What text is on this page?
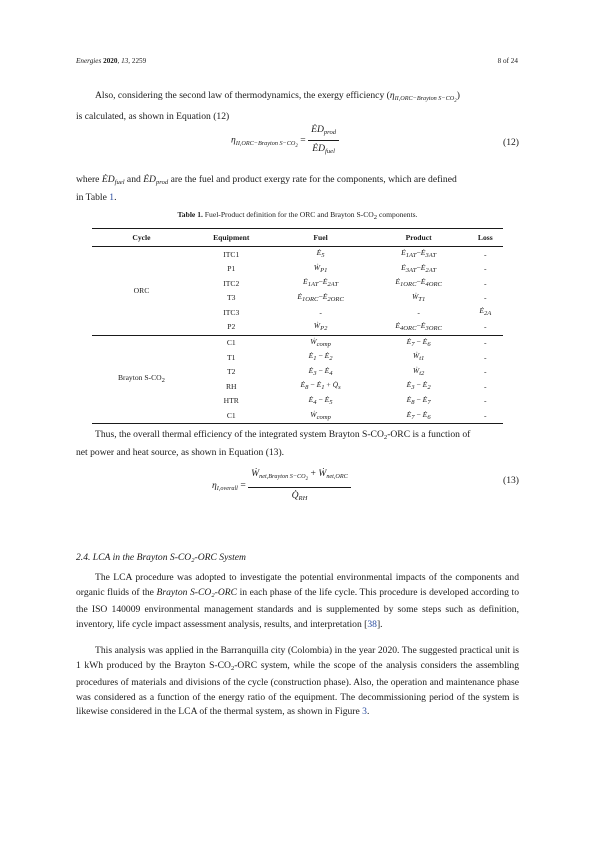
Energies 2020, 13, 2259	8 of 24
Also, considering the second law of thermodynamics, the exergy efficiency $(\eta_{II,ORC-Brayton S-CO_2})$
is calculated, as shown in Equation (12)
$\eta_{II,ORC-Brayton S-CO_2} = \frac{ĖD_{prod}}{ĖD_{fuel}}$	(12)
where $ĖD_{fuel}$ and $ĖD_{prod}$ are the fuel and product exergy rate for the components, which are defined
in Table 1.
Table 1. Fuel-Product definition for the ORC and Brayton $S-CO_2$ components.
Cycle	Equipment	Fuel	Product	Loss
ORC	ITC1	$Ė_5$	$Ė_{1AT}-Ė_{3AT}$	-
	P1	Ẇ$_{P1}$	$Ė_{3AT}-Ė_{2AT}$	-
	ITC2	$Ė_{1AT}-Ė_{2AT}$	$Ė_{1ORC}-Ė_{4ORC}$	-
	T3	$Ė_{1ORC}-Ė_{2ORC}$	Ẇ$_{T1}$	-
	ITC3	-	-	$Ė_{2A}$
	P2	Ẇ$_{P2}$	$Ė_{4ORC}-Ė_{3ORC}$	-
Brayton $S-CO_2$	C1	Ẇ$_{comp}$	$Ė_7$ − $Ė_6$	-
	T1	$Ė_1$ − $Ė_2$	Ẇ$_{t1}$	-
	T2	$Ė_3$ − $Ė_4$	Ẇ$_{t2}$	-
	RH	$Ė_8$ − $Ė_1$ + $Q̇_s$	$Ė_3$ − $Ė_2$	-
	HTR	$Ė_4$ − $Ė_5$	$Ė_8$ − $Ė_7$	-
	C1	Ẇ$_{comp}$	$Ė_7$ − $Ė_6$	-
Thus, the overall thermal efficiency of the integrated system Brayton $S-CO_2$-ORC is a function of
net power and heat source, as shown in Equation (13).
$\eta_{I,overall} = \frac{Ẇ_{net,Brayton S-CO_2} + Ẇ_{net,ORC}}{Q̇_{RH}}$	(13)
2.4. LCA in the Brayton $S-CO_2$-ORC System
The LCA procedure was adopted to investigate the potential environmental impacts of the components and organic fluids of the Brayton $S-CO_2$-ORC in each phase of the life cycle. This procedure is developed according to the ISO 140009 environmental management standards and is supplemented by some steps such as definition, inventory, life cycle impact assessment analysis, results, and interpretation [38].
This analysis was applied in the Barranquilla city (Colombia) in the year 2020. The suggested practical unit is 1 kWh produced by the Brayton $S-CO_2$-ORC system, while the scope of the analysis considers the assembling procedures of materials and divisions of the cycle (construction phase). Also, the operation and maintenance phase was considered as a function of the energy ratio of the equipment. The decommissioning period of the system is likewise considered in the LCA of the thermal system, as shown in Figure 3.
